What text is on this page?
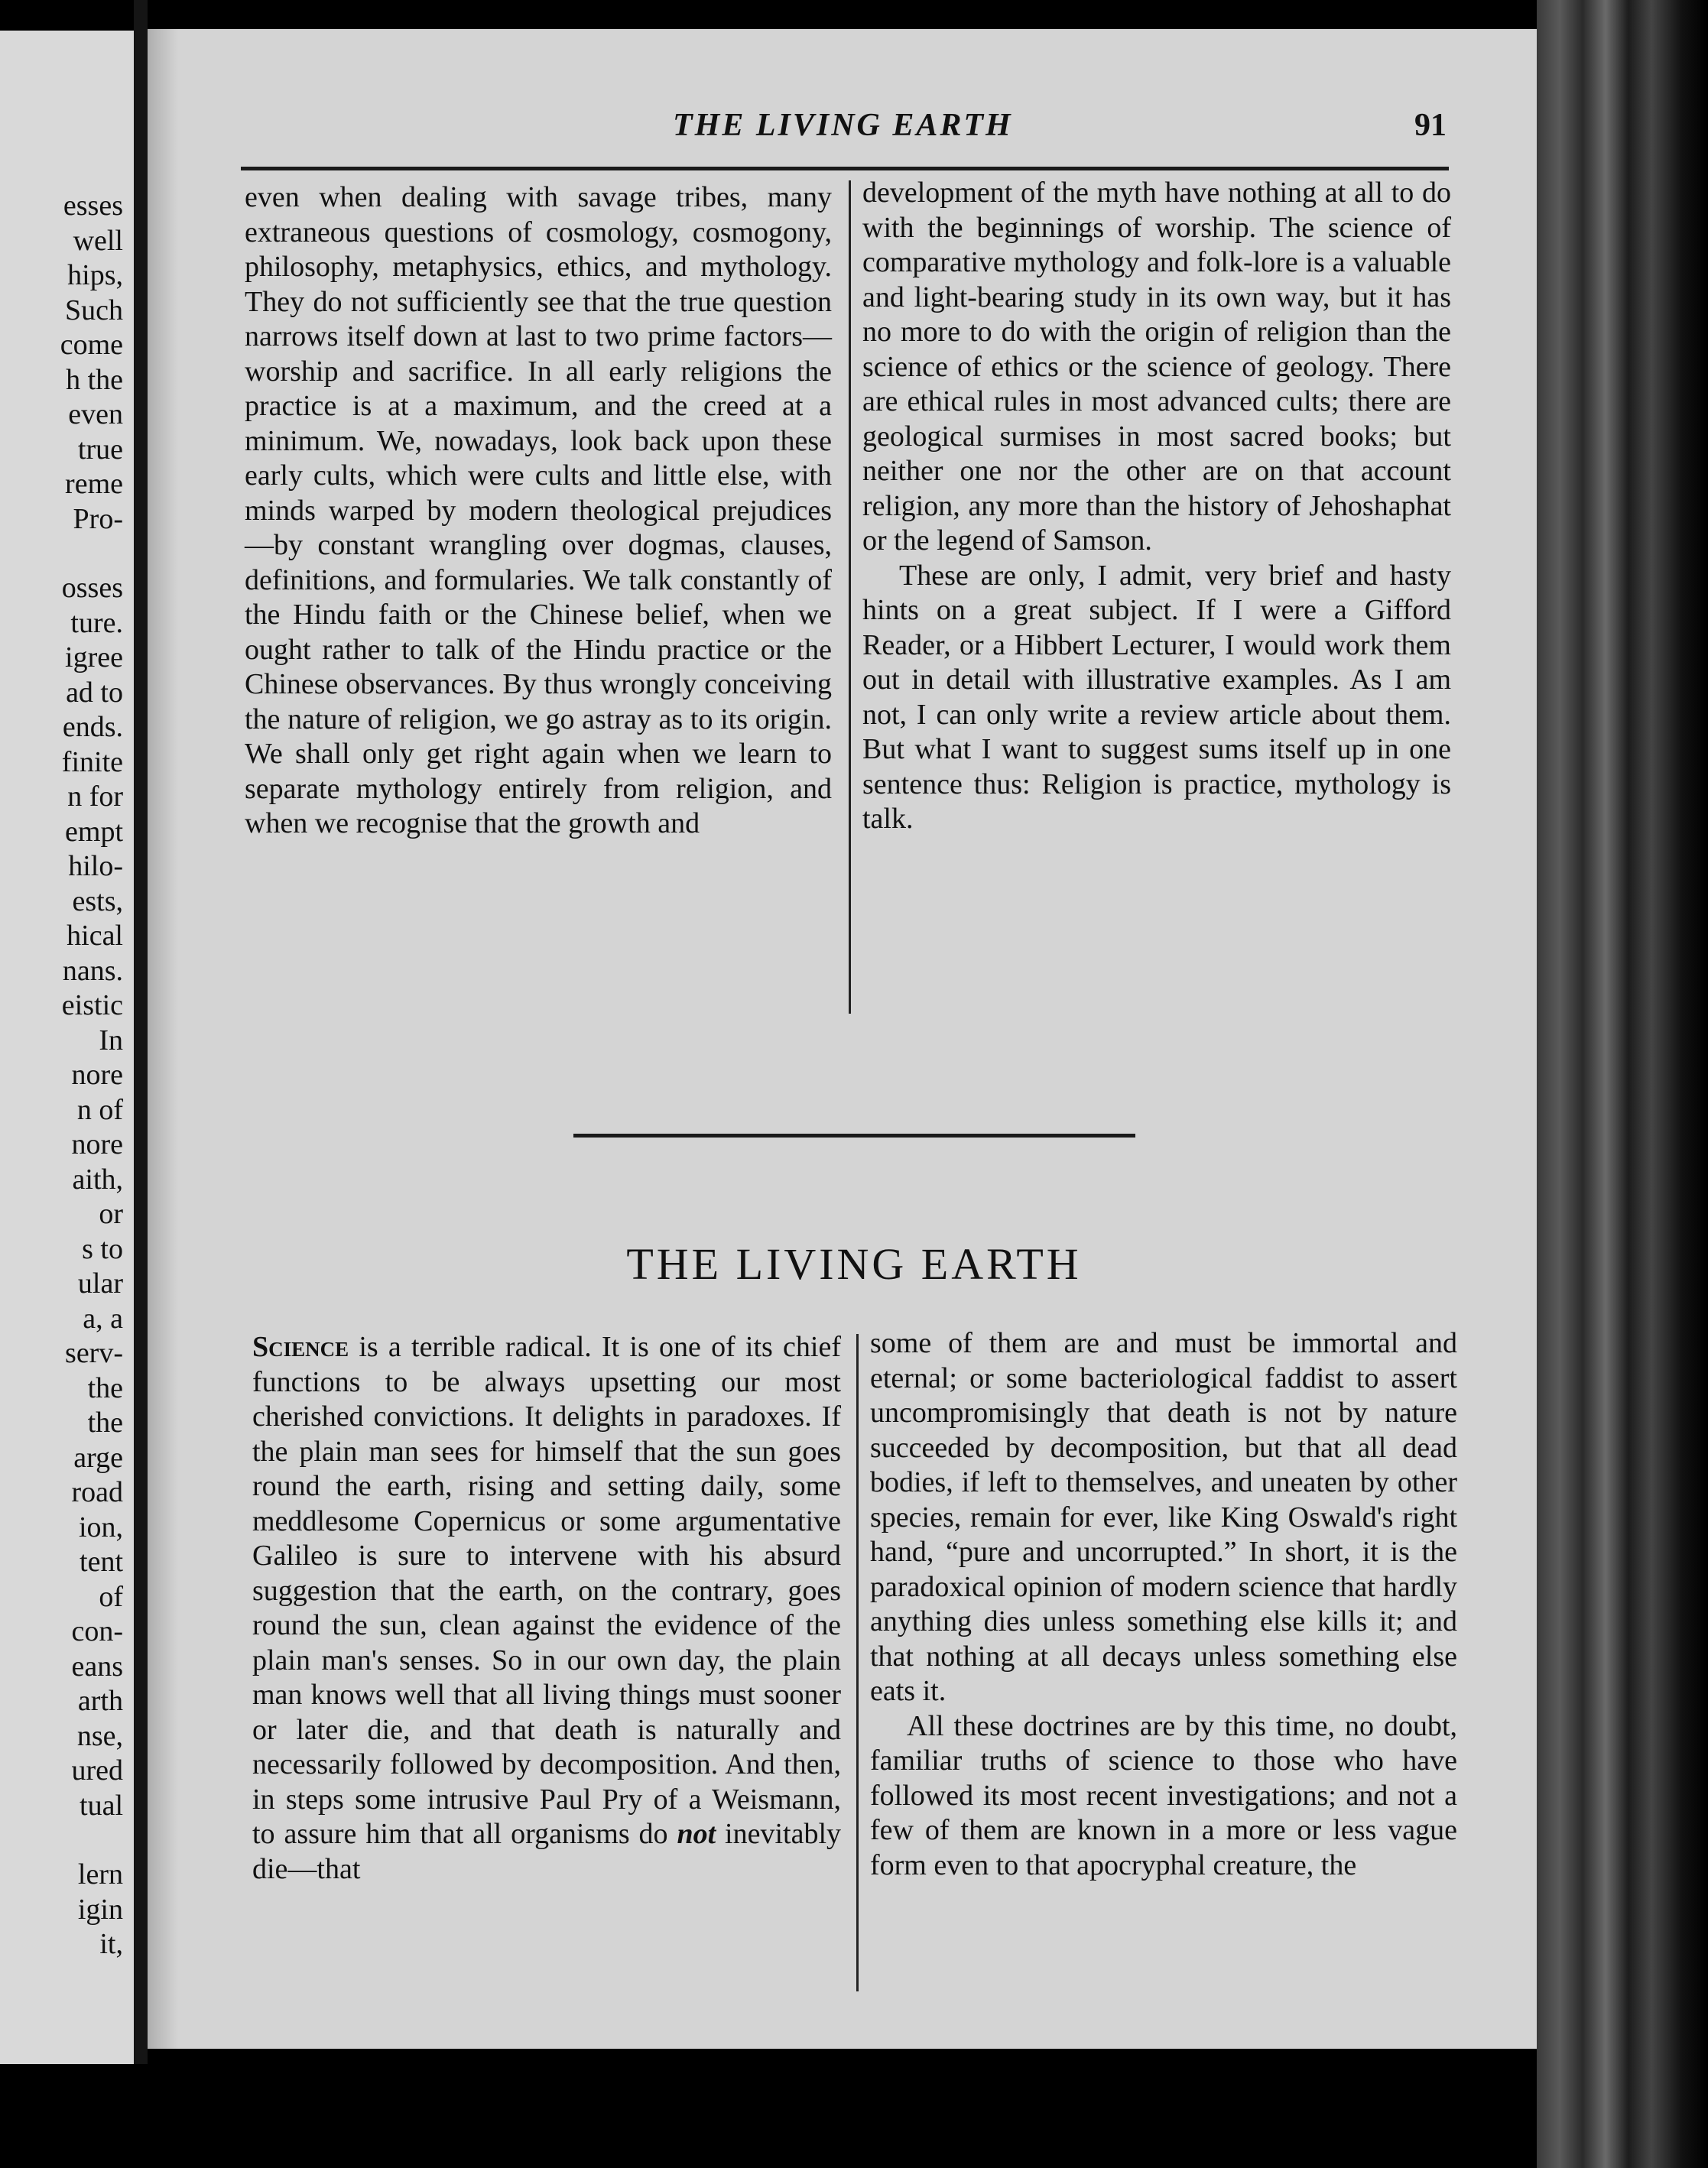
esses
well
hips,
Such
come
h the
even
true
reme
Pro-
osses
ture.
igree
ad to
ends.
finite
n for
empt
hilo-
ests,
hical
nans.
eistic
In
nore
n of
nore
aith,
or
s to
ular
a, a
serv-
the
the
arge
road
ion,
tent
of
con-
eans
arth
nse,
ured
tual
lern
igin
it,
THE LIVING EARTH	91

even when dealing with savage tribes, many extraneous questions of cosmology, cosmogony, philosophy, metaphysics, ethics, and mythology. They do not sufficiently see that the true question narrows itself down at last to two prime factors—worship and sacrifice. In all early religions the practice is at a maximum, and the creed at a minimum. We, nowadays, look back upon these early cults, which were cults and little else, with minds warped by modern theological prejudices—by constant wrangling over dogmas, clauses, definitions, and formularies. We talk constantly of the Hindu faith or the Chinese belief, when we ought rather to talk of the Hindu practice or the Chinese observances. By thus wrongly conceiving the nature of religion, we go astray as to its origin. We shall only get right again when we learn to separate mythology entirely from religion, and when we recognise that the growth and

development of the myth have nothing at all to do with the beginnings of worship. The science of comparative mythology and folk-lore is a valuable and light-bearing study in its own way, but it has no more to do with the origin of religion than the science of ethics or the science of geology. There are ethical rules in most advanced cults; there are geological surmises in most sacred books; but neither one nor the other are on that account religion, any more than the history of Jehoshaphat or the legend of Samson.

These are only, I admit, very brief and hasty hints on a great subject. If I were a Gifford Reader, or a Hibbert Lecturer, I would work them out in detail with illustrative examples. As I am not, I can only write a review article about them. But what I want to suggest sums itself up in one sentence thus: Religion is practice, mythology is talk.

THE LIVING EARTH

Science is a terrible radical. It is one of its chief functions to be always upsetting our most cherished convictions. It delights in paradoxes. If the plain man sees for himself that the sun goes round the earth, rising and setting daily, some meddlesome Copernicus or some argumentative Galileo is sure to intervene with his absurd suggestion that the earth, on the contrary, goes round the sun, clean against the evidence of the plain man's senses. So in our own day, the plain man knows well that all living things must sooner or later die, and that death is naturally and necessarily followed by decomposition. And then, in steps some intrusive Paul Pry of a Weismann, to assure him that all organisms do not inevitably die—that

some of them are and must be immortal and eternal; or some bacteriological faddist to assert uncompromisingly that death is not by nature succeeded by decomposition, but that all dead bodies, if left to themselves, and uneaten by other species, remain for ever, like King Oswald's right hand, “pure and uncorrupted.” In short, it is the paradoxical opinion of modern science that hardly anything dies unless something else kills it; and that nothing at all decays unless something else eats it.

All these doctrines are by this time, no doubt, familiar truths of science to those who have followed its most recent investigations; and not a few of them are known in a more or less vague form even to that apocryphal creature, the
